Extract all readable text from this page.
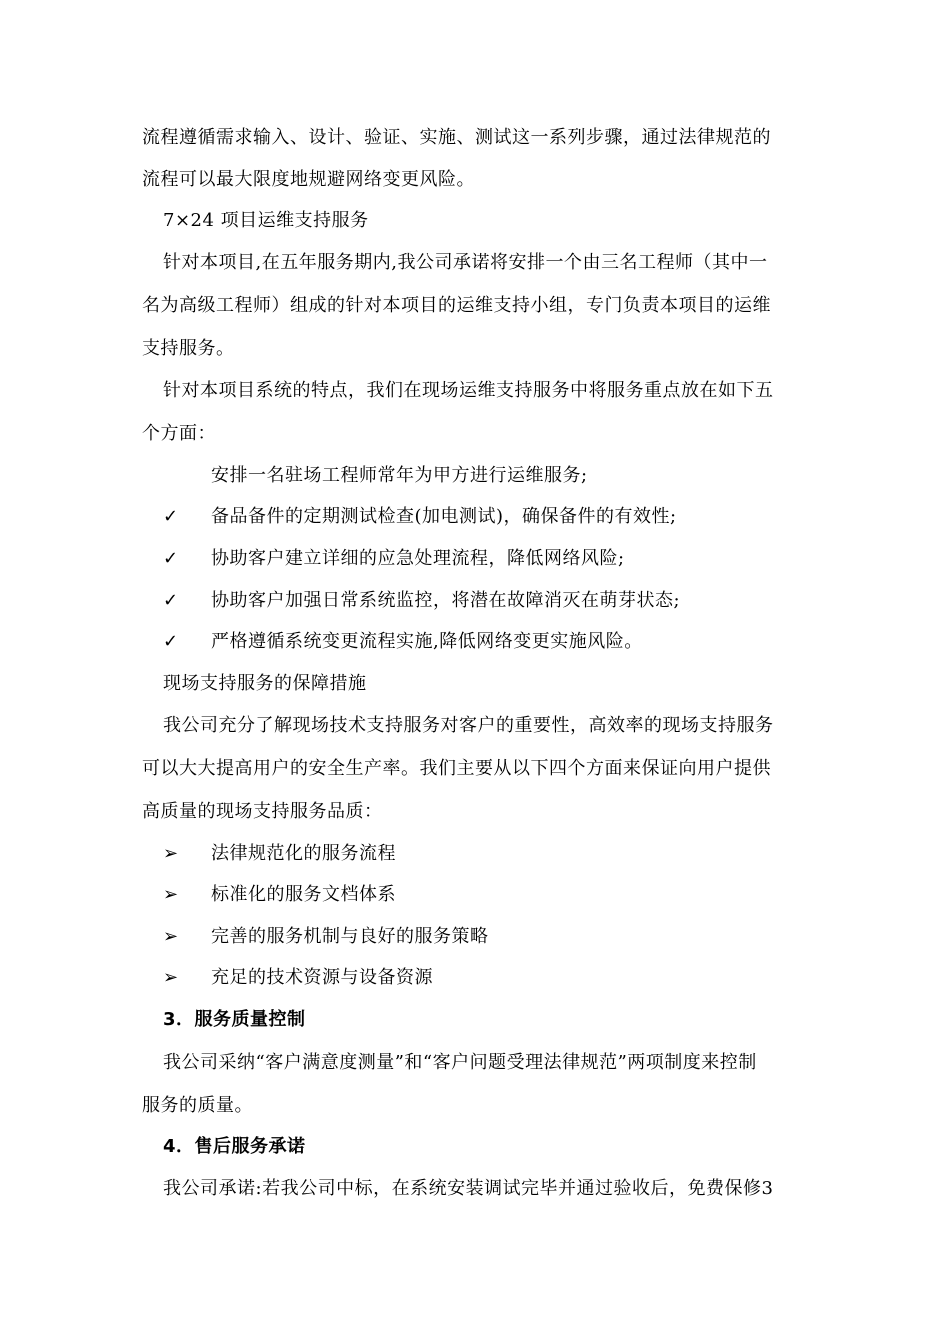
流程遵循需求输入、设计、验证、实施、测试这一系列步骤，通过法律规范的
流程可以最大限度地规避网络变更风险。
7×24 项目运维支持服务
针对本项目,在五年服务期内,我公司承诺将安排一个由三名工程师（其中一
名为高级工程师）组成的针对本项目的运维支持小组，专门负责本项目的运维
支持服务。
针对本项目系统的特点，我们在现场运维支持服务中将服务重点放在如下五
个方面：
安排一名驻场工程师常年为甲方进行运维服务;
✓ 备品备件的定期测试检查(加电测试)，确保备件的有效性;
✓ 协助客户建立详细的应急处理流程，降低网络风险;
✓ 协助客户加强日常系统监控，将潜在故障消灭在萌芽状态;
✓ 严格遵循系统变更流程实施,降低网络变更实施风险。
现场支持服务的保障措施
我公司充分了解现场技术支持服务对客户的重要性，高效率的现场支持服务
可以大大提高用户的安全生产率。我们主要从以下四个方面来保证向用户提供
高质量的现场支持服务品质：
➢ 法律规范化的服务流程
➢ 标准化的服务文档体系
➢ 完善的服务机制与良好的服务策略
➢ 充足的技术资源与设备资源
3．服务质量控制
我公司采纳“客户满意度测量”和“客户问题受理法律规范”两项制度来控制
服务的质量。
4．售后服务承诺
我公司承诺:若我公司中标，在系统安装调试完毕并通过验收后，免费保修3
